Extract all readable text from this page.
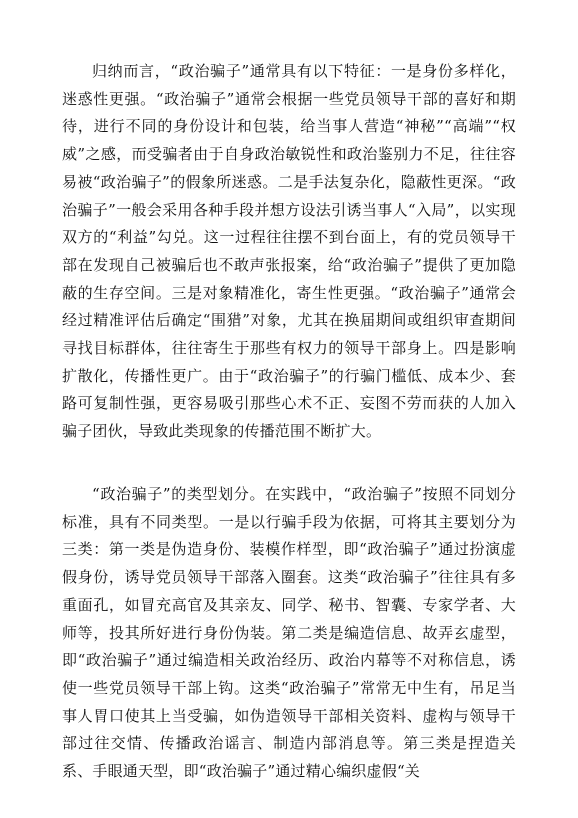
归纳而言，“政治骗子”通常具有以下特征：一是身份多样化，迷惑性更强。“政治骗子”通常会根据一些党员领导干部的喜好和期待，进行不同的身份设计和包装，给当事人营造“神秘”“高端”“权威”之感，而受骗者由于自身政治敏锐性和政治鉴别力不足，往往容易被“政治骗子”的假象所迷惑。二是手法复杂化，隐蔽性更深。“政治骗子”一般会采用各种手段并想方设法引诱当事人“入局”，以实现双方的“利益”勾兑。这一过程往往摆不到台面上，有的党员领导干部在发现自己被骗后也不敢声张报案，给“政治骗子”提供了更加隐蔽的生存空间。三是对象精准化，寄生性更强。“政治骗子”通常会经过精准评估后确定“围猎”对象，尤其在换届期间或组织审查期间寻找目标群体，往往寄生于那些有权力的领导干部身上。四是影响扩散化，传播性更广。由于“政治骗子”的行骗门槛低、成本少、套路可复制性强，更容易吸引那些心术不正、妄图不劳而获的人加入骗子团伙，导致此类现象的传播范围不断扩大。

“政治骗子”的类型划分。在实践中，“政治骗子”按照不同划分标准，具有不同类型。一是以行骗手段为依据，可将其主要划分为三类：第一类是伪造身份、装模作样型，即“政治骗子”通过扮演虚假身份，诱导党员领导干部落入圈套。这类“政治骗子”往往具有多重面孔，如冒充高官及其亲友、同学、秘书、智囊、专家学者、大师等，投其所好进行身份伪装。第二类是编造信息、故弄玄虚型，即“政治骗子”通过编造相关政治经历、政治内幕等不对称信息，诱使一些党员领导干部上钩。这类“政治骗子”常常无中生有，吊足当事人胃口使其上当受骗，如伪造领导干部相关资料、虚构与领导干部过往交情、传播政治谣言、制造内部消息等。第三类是捏造关系、手眼通天型，即“政治骗子”通过精心编织虚假“关
